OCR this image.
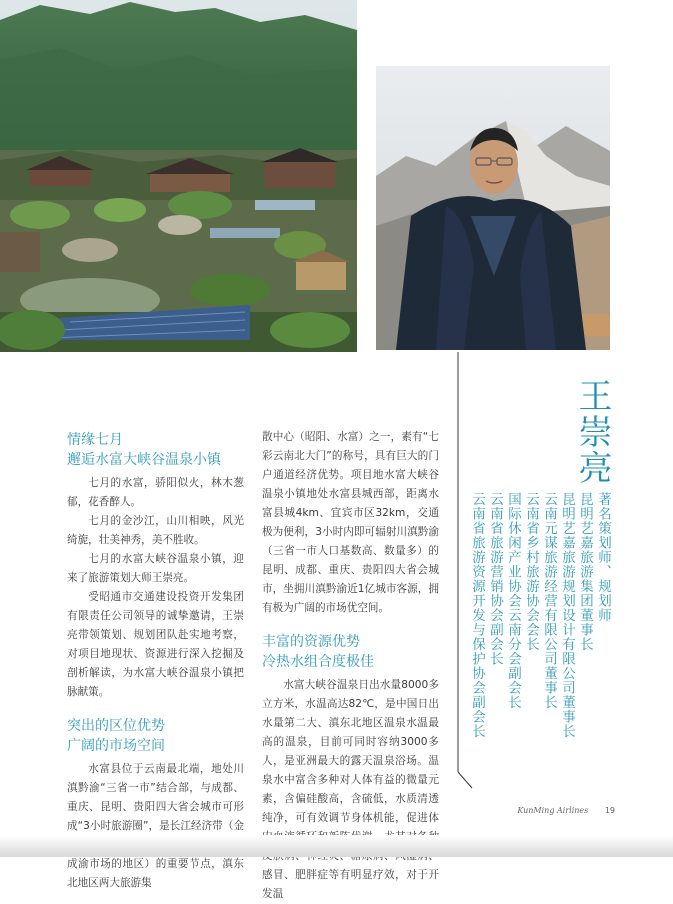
王崇亮
著名策划师、规划师
昆明艺嘉旅游集团董事长
昆明艺嘉旅游规划设计有限公司董事长
云南元谋旅游经营有限公司董事长
云南省乡村旅游协会会长
国际休闲产业协会云南分会副会长
云南省旅游营销协会副会长
云南省旅游资源开发与保护协会副会长
情缘七月
邂逅水富大峡谷温泉小镇

七月的水富，骄阳似火，林木葱郁，花香醉人。

七月的金沙江，山川相映，风光绮旎，壮美神秀，美不胜收。

七月的水富大峡谷温泉小镇，迎来了旅游策划大师王崇亮。

受昭通市交通建设投资开发集团有限责任公司领导的诚挚邀请，王崇亮带领策划、规划团队赴实地考察，对项目地现状、资源进行深入挖掘及剖析解读，为水富大峡谷温泉小镇把脉献策。

突出的区位优势
广阔的市场空间

水富县位于云南最北端，地处川滇黔渝“三省一市”结合部，与成都、重庆、昆明、贵阳四大省会城市可形成“3小时旅游圈”，是长江经济带（金 成渝市场的地区）的重要节点，滇东北地区两大旅游集

散中心（昭阳、水富）之一，素有“七彩云南北大门”的称号，具有巨大的门户通道经济优势。项目地水富大峡谷温泉小镇地处水富县城西部，距离水富县城4km、宜宾市区32km，交通极为便利，3小时内即可辐射川滇黔渝（三省一市人口基数高、数量多）的昆明、成都、重庆、贵阳四大省会城市，坐拥川滇黔渝近1亿城市客源，拥有极为广阔的市场优空间。

丰富的资源优势
冷热水组合度极佳

水富大峡谷温泉日出水量8000多立方米，水温高达82℃，是中国日出水量第二大、滇东北地区温泉水温最高的温泉，目前可同时容纳3000多人，是亚洲最大的露天温泉浴场。温泉水中富含多种对人体有益的微量元素，含偏硅酸高，含硫低，水质清透纯净，可有效调节身体机能，促进体 感冒、肥胖症等有明显疗效，对于开发温

KunMing Airlines 19
